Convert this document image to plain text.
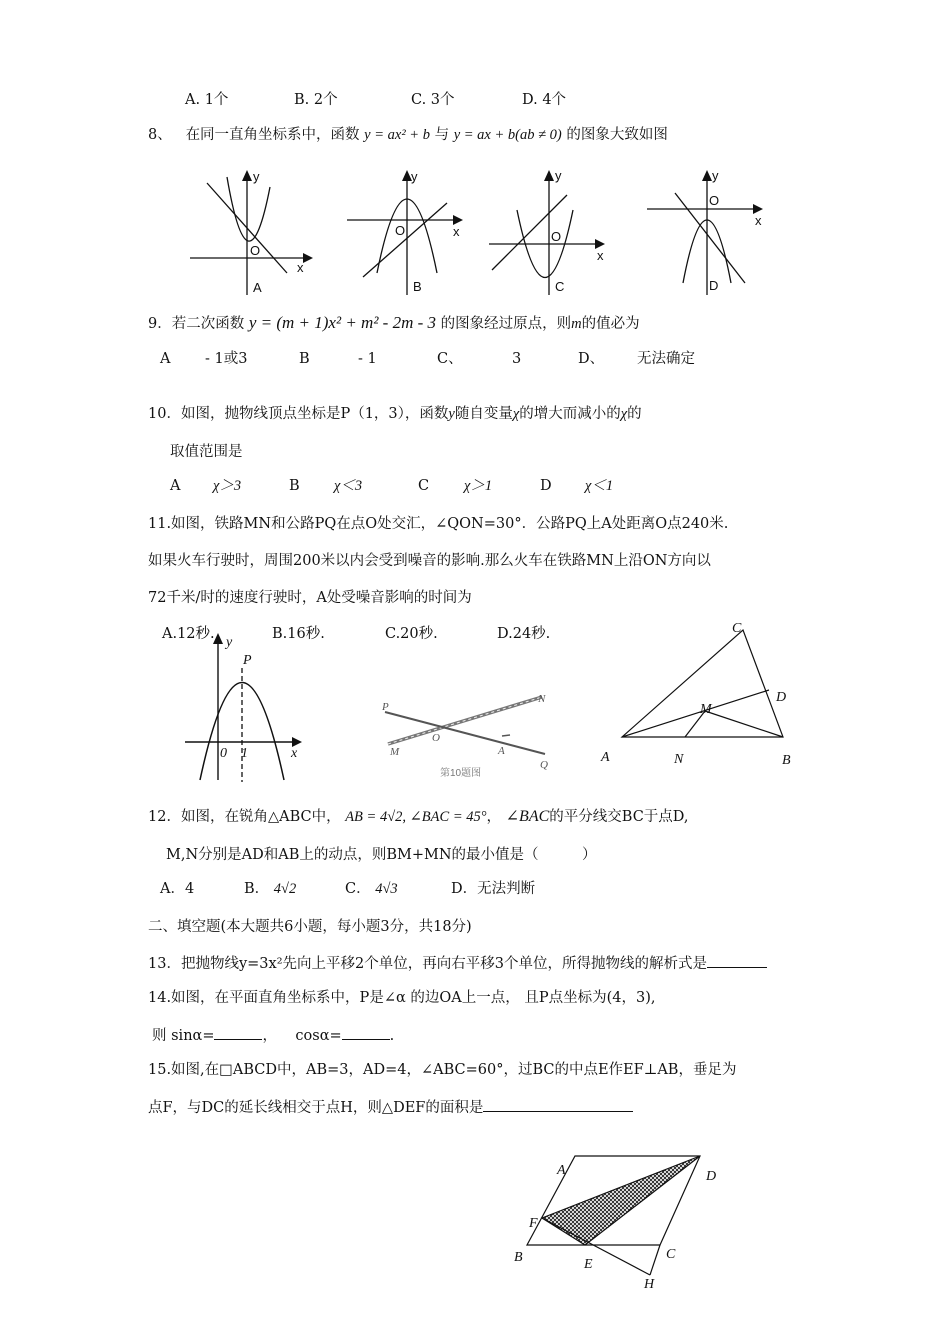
A. 1个	B. 2个	C. 3个	D. 4个
8、 在同一直角坐标系中，函数 y = ax² + b 与 y = ax + b(ab ≠ 0) 的图象大致如图
y
O
x
A
y
O	x
B
y
O
x
C
y
O
x
D
9．若二次函数 y = (m + 1)x² + m² - 2m - 3 的图象经过原点，则m的值必为
A - 1或3	B	- 1	C、	3	D、 无法确定
10．如图，抛物线顶点坐标是P（1，3），函数y随自变量χ的增大而减小的χ的
取值范围是
A χ＞3	B χ＜3	C χ＞1	D χ＜1
11.如图，铁路MN和公路PQ在点O处交汇，∠QON=30°．公路PQ上A处距离O点240米.
如果火车行驶时，周围200米以内会受到噪音的影响.那么火车在铁路MN上沿ON方向以
72千米/时的速度行驶时，A处受噪音影响的时间为
A.12秒.	B.16秒.	C.20秒.	D.24秒.
y
P
0 1	x
P
N
M
O
A
Q
第10题图
C
D
M
A	N	B
12．如图，在锐角△ABC中， AB = 4√2, ∠BAC = 45°， ∠BAC的平分线交BC于点D,
M,N分别是AD和AB上的动点，则BM+MN的最小值是（　　　）
A．4	B． 4√2	C． 4√3	D．无法判断
二、填空题(本大题共6小题，每小题3分，共18分)
13．把抛物线y=3x²先向上平移2个单位，再向右平移3个单位，所得抛物线的解析式是
14.如图，在平面直角坐标系中，P是∠α 的边OA上一点， 且P点坐标为(4，3),
则 sinα=	， cosα=	.
15.如图,在□ABCD中，AB=3，AD=4，∠ABC=60°，过BC的中点E作EF⊥AB，垂足为
点F，与DC的延长线相交于点H，则△DEF的面积是
A	D
F
B	E
C
H
